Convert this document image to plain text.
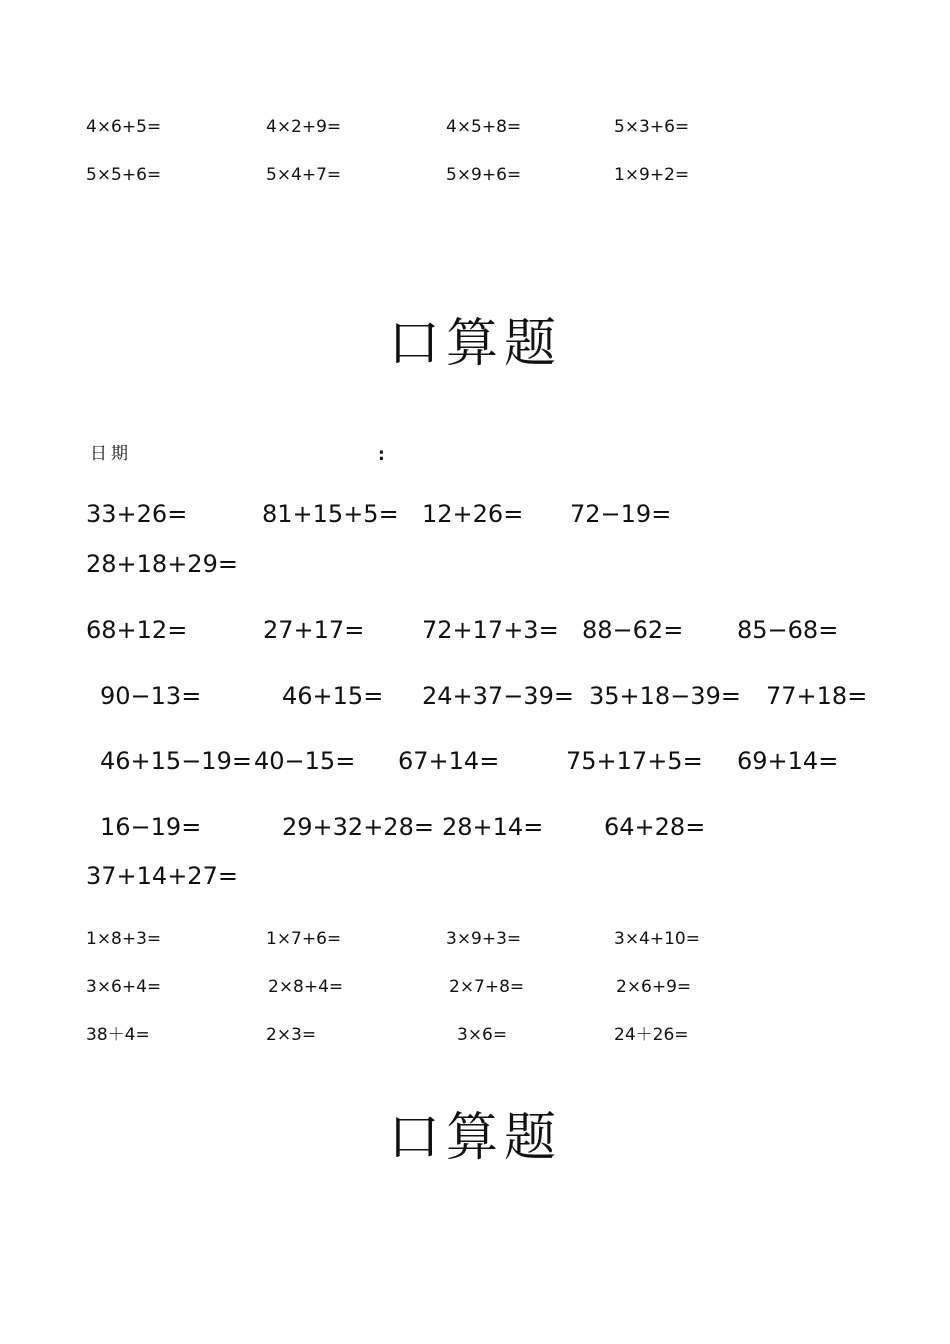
4×6+5=	4×2+9=	4×5+8=	5×3+6=
5×5+6=	5×4+7=	5×9+6=	1×9+2=
口算题
日期	:
33+26=	81+15+5= 12+26= 72−19=
28+18+29=
68+12=	27+17= 72+17+3= 88−62= 85−68=
90−13=	46+15= 24+37−39= 35+18−39= 77+18=
46+15−19= 40−15= 67+14=	75+17+5= 69+14=
16−19=	29+32+28= 28+14=	64+28=
37+14+27=
1×8+3=	1×7+6=	3×9+3=	3×4+10=
3×6+4=	2×8+4=	2×7+8=	2×6+9=
38＋4=	2×3=	3×6=	24＋26=
口算题
